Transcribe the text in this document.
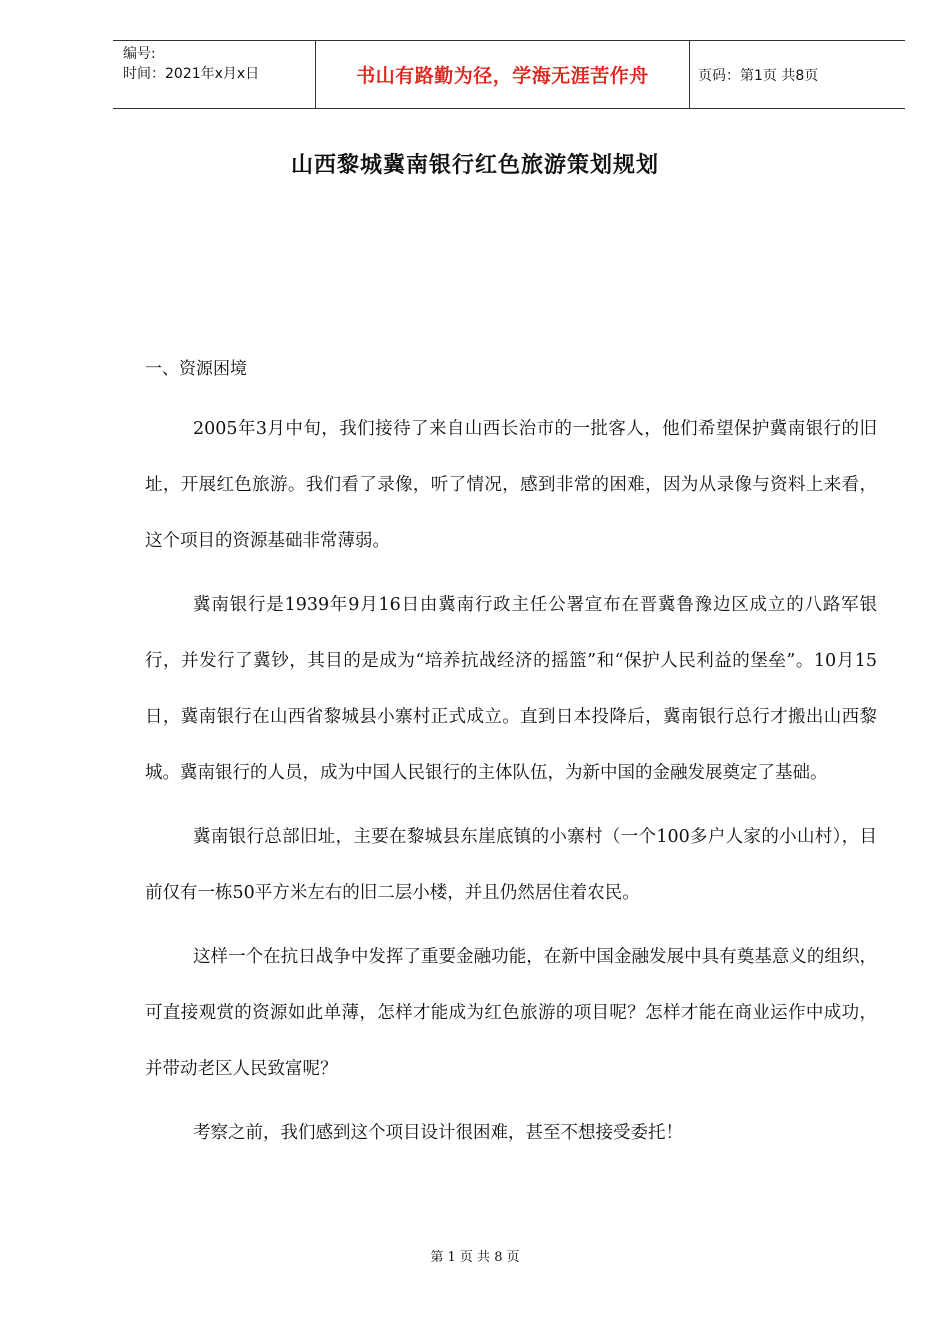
编号:
时间：2021年x月x日	书山有路勤为径，学海无涯苦作舟	页码：第1页 共8页
山西黎城冀南银行红色旅游策划规划
一、资源困境

2005年3月中旬，我们接待了来自山西长治市的一批客人，他们希望保护冀南银行的旧址，开展红色旅游。我们看了录像，听了情况，感到非常的困难，因为从录像与资料上来看，这个项目的资源基础非常薄弱。

冀南银行是1939年9月16日由冀南行政主任公署宣布在晋冀鲁豫边区成立的八路军银行，并发行了冀钞，其目的是成为“培养抗战经济的摇篮”和“保护人民利益的堡垒”。10月15日，冀南银行在山西省黎城县小寨村正式成立。直到日本投降后，冀南银行总行才搬出山西黎城。冀南银行的人员，成为中国人民银行的主体队伍，为新中国的金融发展奠定了基础。

冀南银行总部旧址，主要在黎城县东崖底镇的小寨村（一个100多户人家的小山村），目前仅有一栋50平方米左右的旧二层小楼，并且仍然居住着农民。

这样一个在抗日战争中发挥了重要金融功能，在新中国金融发展中具有奠基意义的组织，可直接观赏的资源如此单薄，怎样才能成为红色旅游的项目呢？怎样才能在商业运作中成功，并带动老区人民致富呢？

考察之前，我们感到这个项目设计很困难，甚至不想接受委托！

第 1 页 共 8 页
